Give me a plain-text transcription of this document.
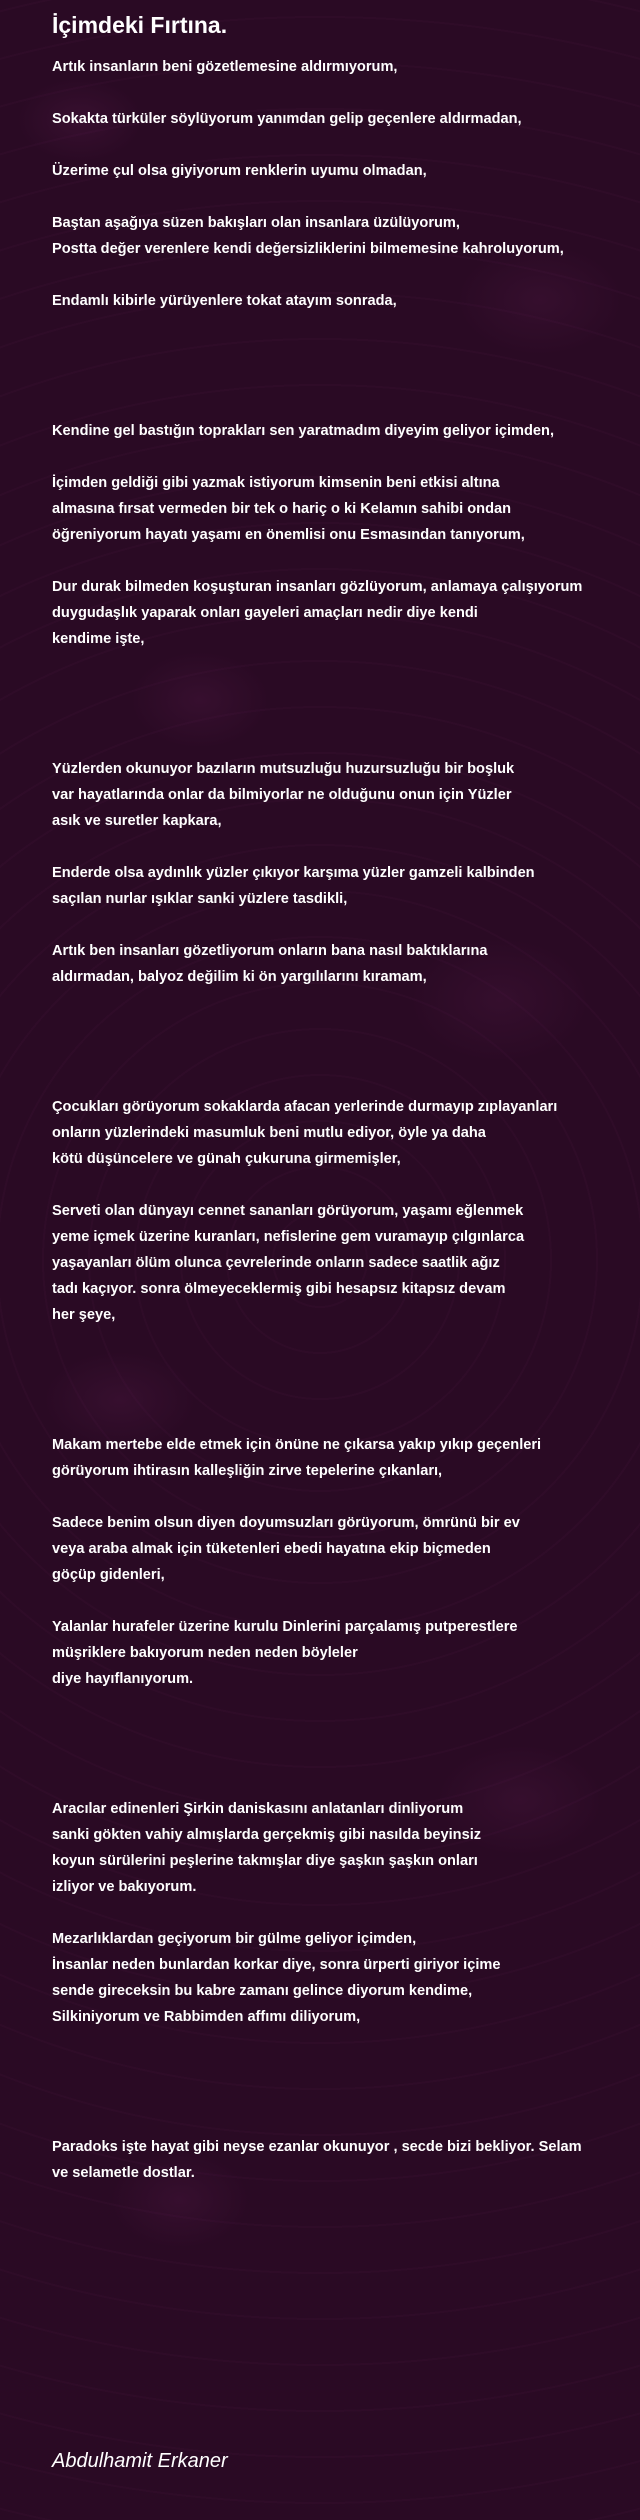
İçimdeki Fırtına.

Artık insanların beni gözetlemesine aldırmıyorum,

Sokakta türküler söylüyorum yanımdan gelip geçenlere aldırmadan,

Üzerime çul olsa giyiyorum renklerin uyumu olmadan,

Baştan aşağıya süzen bakışları olan insanlara üzülüyorum,
Postta değer verenlere kendi değersizliklerini bilmemesine kahroluyorum,

Endamlı kibirle yürüyenlere tokat atayım sonrada,

Kendine gel bastığın toprakları sen yaratmadım diyeyim geliyor içimden,

İçimden geldiği gibi yazmak istiyorum kimsenin beni etkisi altına
almasına fırsat vermeden bir tek o hariç o ki Kelamın sahibi ondan
öğreniyorum hayatı yaşamı en önemlisi onu Esmasından tanıyorum,

Dur durak bilmeden koşuşturan insanları gözlüyorum, anlamaya çalışıyorum
duygudaşlık yaparak onları gayeleri amaçları nedir diye kendi
kendime işte,

Yüzlerden okunuyor bazıların mutsuzluğu huzursuzluğu bir boşluk
var hayatlarında onlar da bilmiyorlar ne olduğunu onun için Yüzler
asık ve suretler kapkara,

Enderde olsa aydınlık yüzler çıkıyor karşıma yüzler gamzeli kalbinden
saçılan nurlar ışıklar sanki yüzlere tasdikli,

Artık ben insanları gözetliyorum onların bana nasıl baktıklarına
aldırmadan, balyoz değilim ki ön yargılılarını kıramam,

Çocukları görüyorum sokaklarda afacan yerlerinde durmayıp zıplayanları
onların yüzlerindeki masumluk beni mutlu ediyor, öyle ya daha
kötü düşüncelere ve günah çukuruna girmemişler,

Serveti olan dünyayı cennet sananları görüyorum, yaşamı eğlenmek
yeme içmek üzerine kuranları, nefislerine gem vuramayıp çılgınlarca
yaşayanları ölüm olunca çevrelerinde onların sadece saatlik ağız
tadı kaçıyor. sonra ölmeyeceklermiş gibi hesapsız kitapsız devam
her şeye,

Makam mertebe elde etmek için önüne ne çıkarsa yakıp yıkıp geçenleri
görüyorum ihtirasın kalleşliğin zirve tepelerine çıkanları,

Sadece benim olsun diyen doyumsuzları görüyorum, ömrünü bir ev
veya araba almak için tüketenleri ebedi hayatına ekip biçmeden
göçüp gidenleri,

Yalanlar hurafeler üzerine kurulu Dinlerini parçalamış putperestlere
müşriklere bakıyorum neden neden böyleler
diye hayıflanıyorum.

Aracılar edinenleri Şirkin daniskasını anlatanları dinliyorum
sanki gökten vahiy almışlarda gerçekmiş gibi nasılda beyinsiz
koyun sürülerini peşlerine takmışlar diye şaşkın şaşkın onları
izliyor ve bakıyorum.

Mezarlıklardan geçiyorum bir gülme geliyor içimden,
İnsanlar neden bunlardan korkar diye, sonra ürperti giriyor içime
sende gireceksin bu kabre zamanı gelince diyorum kendime,
Silkiniyorum ve Rabbimden affımı diliyorum,

Paradoks işte hayat gibi neyse ezanlar okunuyor , secde bizi bekliyor. Selam
ve selametle dostlar.

Abdulhamit Erkaner
